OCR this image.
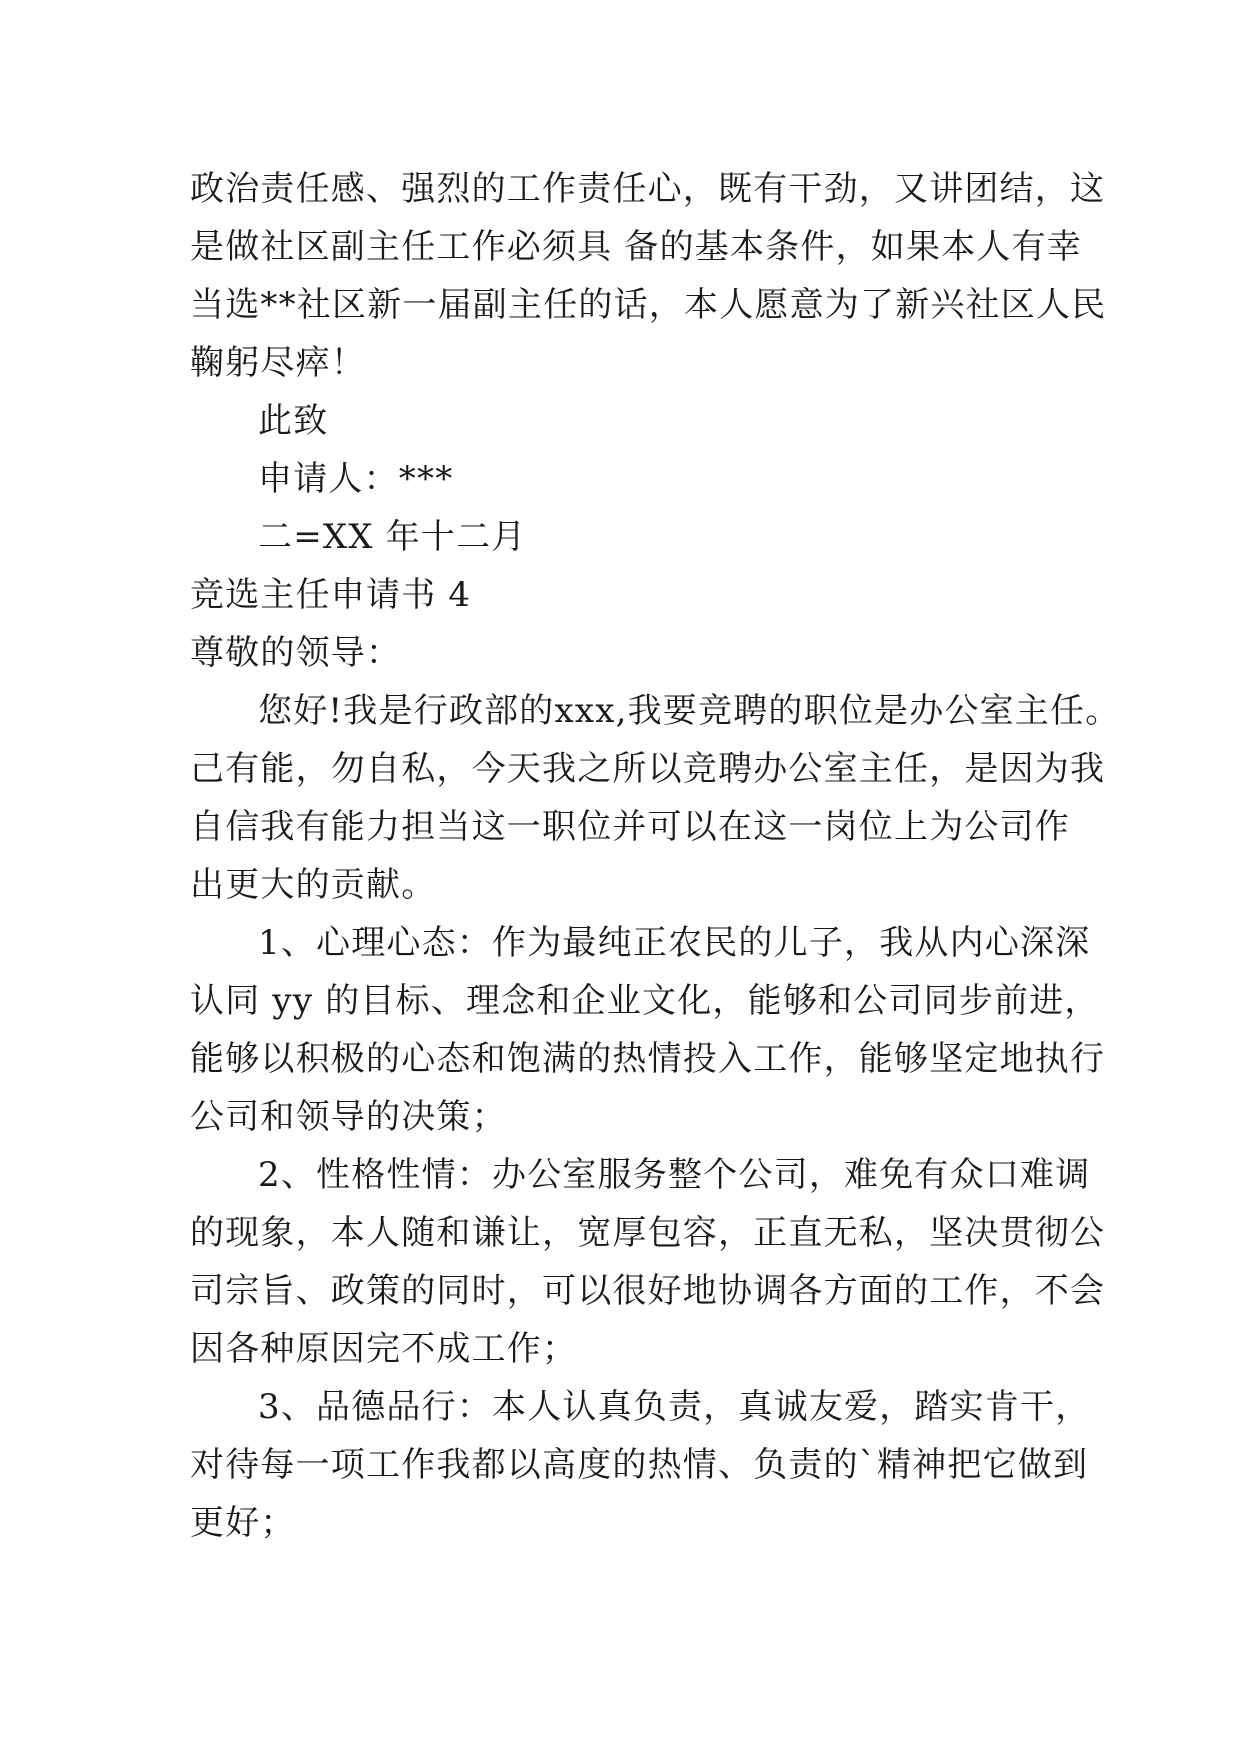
政治责任感、强烈的工作责任心，既有干劲，又讲团结，这
是做社区副主任工作必须具 备的基本条件，如果本人有幸
当选**社区新一届副主任的话，本人愿意为了新兴社区人民
鞠躬尽瘁！
此致
申请人：***
二=XX 年十二月
竞选主任申请书 4
尊敬的领导：
您好!我是行政部的xxx,我要竞聘的职位是办公室主任。
己有能，勿自私，今天我之所以竞聘办公室主任，是因为我
自信我有能力担当这一职位并可以在这一岗位上为公司作
出更大的贡献。
1、心理心态：作为最纯正农民的儿子，我从内心深深
认同 yy 的目标、理念和企业文化，能够和公司同步前进，
能够以积极的心态和饱满的热情投入工作，能够坚定地执行
公司和领导的决策；
2、性格性情：办公室服务整个公司，难免有众口难调
的现象，本人随和谦让，宽厚包容，正直无私，坚决贯彻公
司宗旨、政策的同时，可以很好地协调各方面的工作，不会
因各种原因完不成工作；
3、品德品行：本人认真负责，真诚友爱，踏实肯干，
对待每一项工作我都以高度的热情、负责的`精神把它做到
更好；
